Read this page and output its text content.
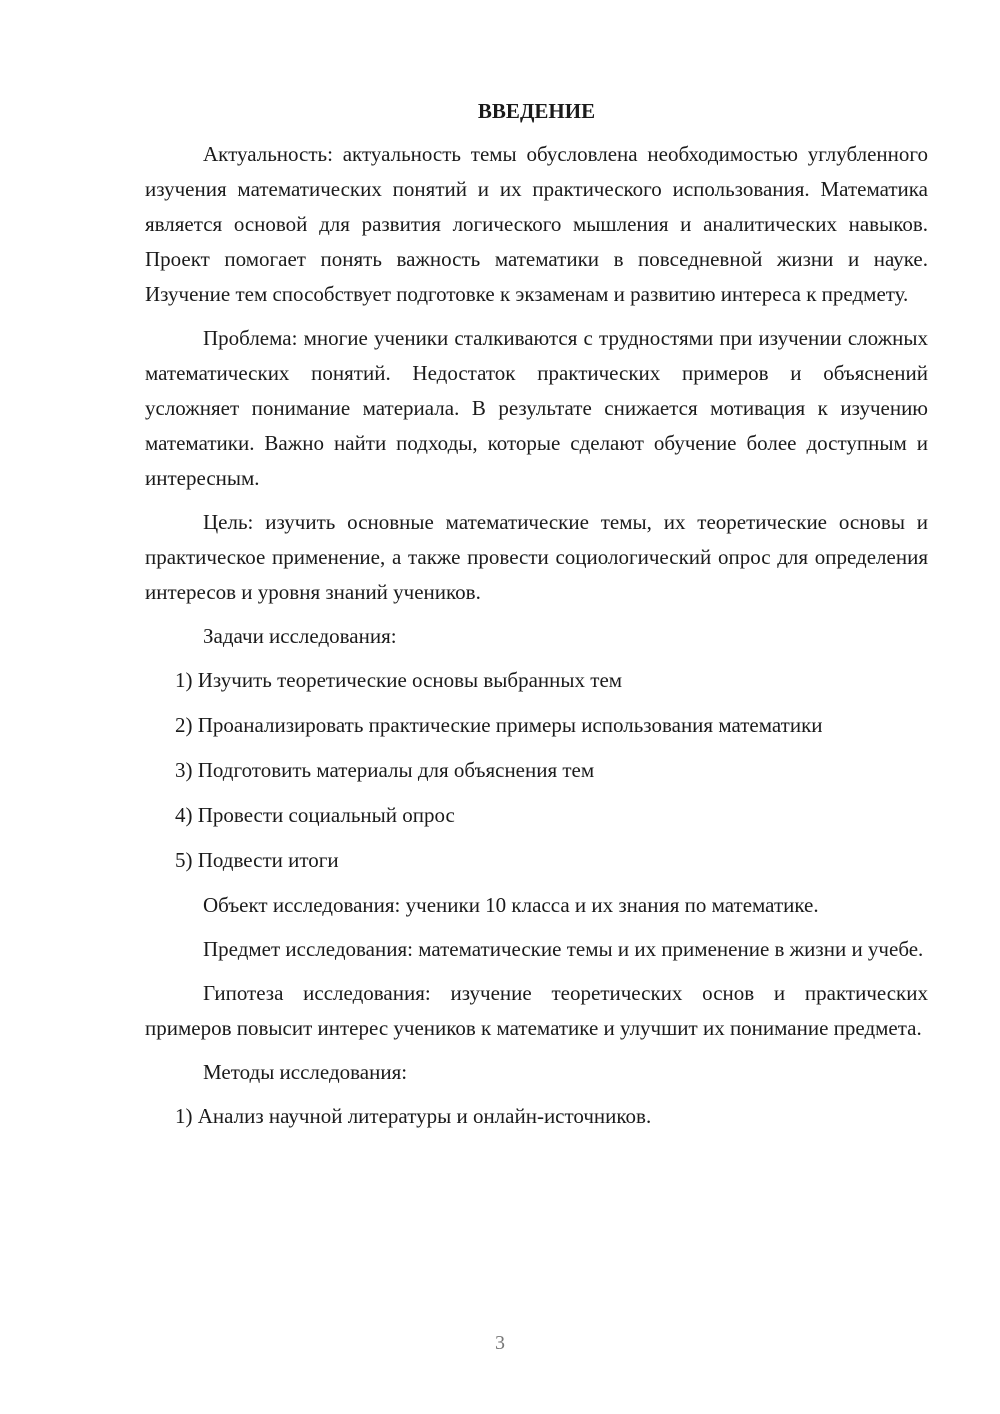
ВВЕДЕНИЕ

Актуальность: актуальность темы обусловлена необходимостью углубленного изучения математических понятий и их практического использования. Математика является основой для развития логического мышления и аналитических навыков. Проект помогает понять важность математики в повседневной жизни и науке. Изучение тем способствует подготовке к экзаменам и развитию интереса к предмету.

Проблема: многие ученики сталкиваются с трудностями при изучении сложных математических понятий. Недостаток практических примеров и объяснений усложняет понимание материала. В результате снижается мотивация к изучению математики. Важно найти подходы, которые сделают обучение более доступным и интересным.

Цель: изучить основные математические темы, их теоретические основы и практическое применение, а также провести социологический опрос для определения интересов и уровня знаний учеников.

Задачи исследования:

1) Изучить теоретические основы выбранных тем

2) Проанализировать практические примеры использования математики

3) Подготовить материалы для объяснения тем

4) Провести социальный опрос

5) Подвести итоги

Объект исследования: ученики 10 класса и их знания по математике.

Предмет исследования: математические темы и их применение в жизни и учебе.

Гипотеза исследования: изучение теоретических основ и практических примеров повысит интерес учеников к математике и улучшит их понимание предмета.

Методы исследования:

1) Анализ научной литературы и онлайн-источников.

3
